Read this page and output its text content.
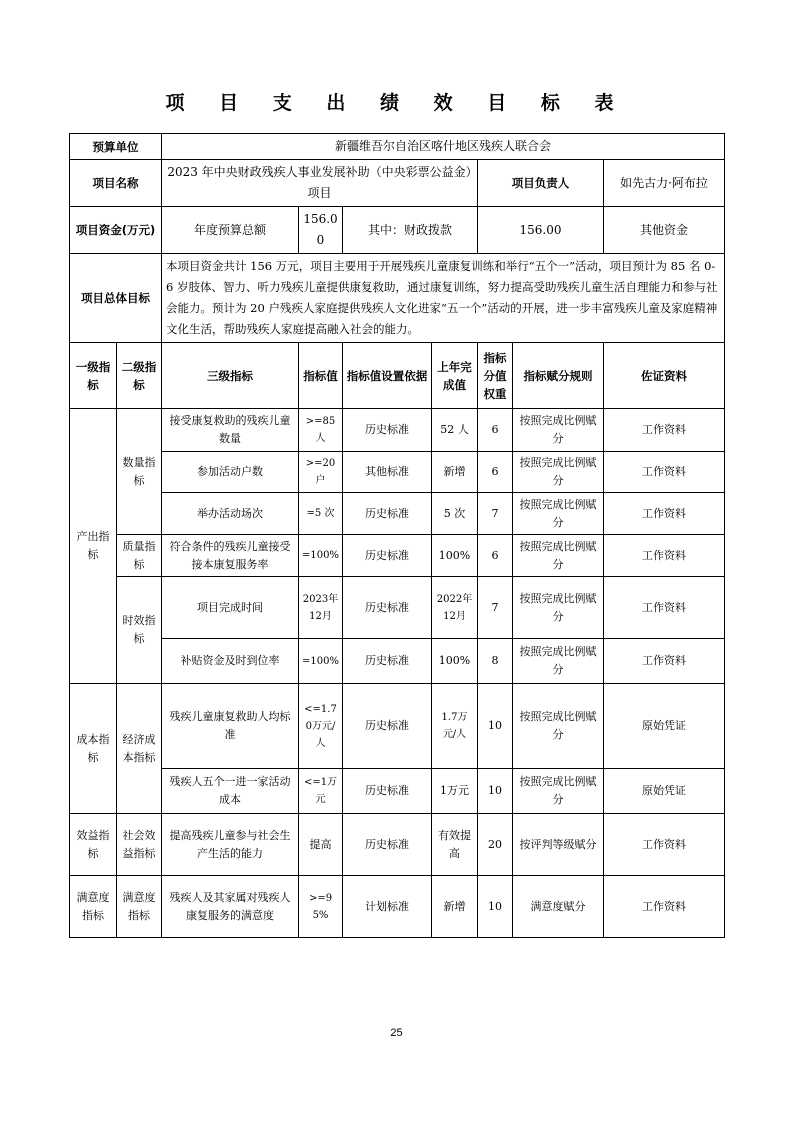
项 目 支 出 绩 效 目 标 表
预算单位		新疆维吾尔自治区喀什地区残疾人联合会						
项目名称		2023 年中央财政残疾人事业发展补助（中央彩票公益金）项目				项目负责人		如先古力·阿布拉
项目资金(万元)		年度预算总额	156.00	其中：财政拨款		156.00		其他资金
项目总体目标		本项目资金共计 156 万元，项目主要用于开展残疾儿童康复训练和举行“五个一”活动，项目预计为 85 名 0-6 岁肢体、智力、听力残疾儿童提供康复救助，通过康复训练，努力提高受助残疾儿童生活自理能力和参与社会能力。预计为 20 户残疾人家庭提供残疾人文化进家“五一个”活动的开展，进一步丰富残疾儿童及家庭精神文化生活，帮助残疾人家庭提高融入社会的能力。						
一级指标	二级指标	三级指标	指标值	指标值设置依据	上年完成值	指标分值权重	指标赋分规则	佐证资料
产出指标	数量指标	接受康复救助的残疾儿童数量	>=85人	历史标准	52 人	6	按照完成比例赋分	工作资料
		参加活动户数	>=20户	其他标准	新增	6	按照完成比例赋分	工作资料
		举办活动场次	=5 次	历史标准	5 次	7	按照完成比例赋分	工作资料
	质量指标	符合条件的残疾儿童接受接本康复服务率	=100%	历史标准	100%	6	按照完成比例赋分	工作资料
	时效指标	项目完成时间	2023年12月	历史标准	2022年12月	7	按照完成比例赋分	工作资料
		补贴资金及时到位率	=100%	历史标准	100%	8	按照完成比例赋分	工作资料
成本指标	经济成本指标	残疾儿童康复救助人均标准	<=1.70万元/人	历史标准	1.7万元/人	10	按照完成比例赋分	原始凭证
		残疾人五个一进一家活动成本	<=1万元	历史标准	1万元	10	按照完成比例赋分	原始凭证
效益指标	社会效益指标	提高残疾儿童参与社会生产生活的能力	提高	历史标准	有效提高	20	按评判等级赋分	工作资料
满意度指标	满意度指标	残疾人及其家属对残疾人康复服务的满意度	>=95%	计划标准	新增	10	满意度赋分	工作资料
25
